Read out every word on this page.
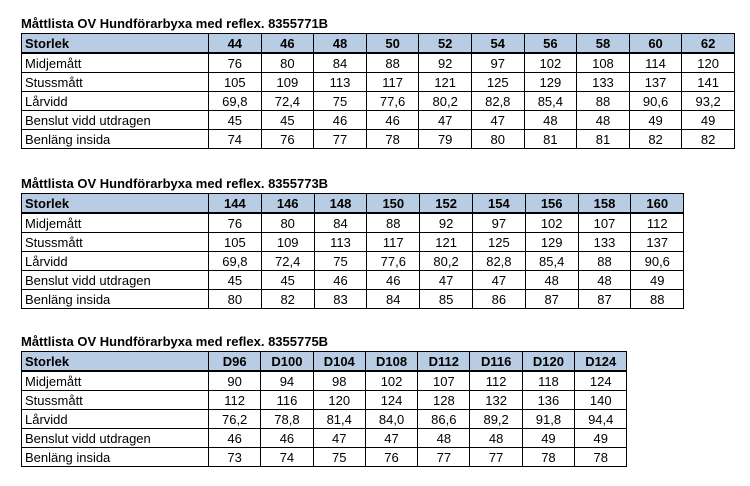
Måttlista OV Hundförarbyxa med reflex. 8355771B
Storlek	44	46	48	50	52	54	56	58	60	62
Midjemått	76	80	84	88	92	97	102	108	114	120
Stussmått	105	109	113	117	121	125	129	133	137	141
Lårvidd	69,8	72,4	75	77,6	80,2	82,8	85,4	88	90,6	93,2
Benslut vidd utdragen	45	45	46	46	47	47	48	48	49	49
Benläng insida	74	76	77	78	79	80	81	81	82	82
Måttlista OV Hundförarbyxa med reflex. 8355773B
Storlek	144	146	148	150	152	154	156	158	160
Midjemått	76	80	84	88	92	97	102	107	112
Stussmått	105	109	113	117	121	125	129	133	137
Lårvidd	69,8	72,4	75	77,6	80,2	82,8	85,4	88	90,6
Benslut vidd utdragen	45	45	46	46	47	47	48	48	49
Benläng insida	80	82	83	84	85	86	87	87	88
Måttlista OV Hundförarbyxa med reflex. 8355775B
Storlek	D96	D100	D104	D108	D112	D116	D120	D124
Midjemått	90	94	98	102	107	112	118	124
Stussmått	112	116	120	124	128	132	136	140
Lårvidd	76,2	78,8	81,4	84,0	86,6	89,2	91,8	94,4
Benslut vidd utdragen	46	46	47	47	48	48	49	49
Benläng insida	73	74	75	76	77	77	78	78
